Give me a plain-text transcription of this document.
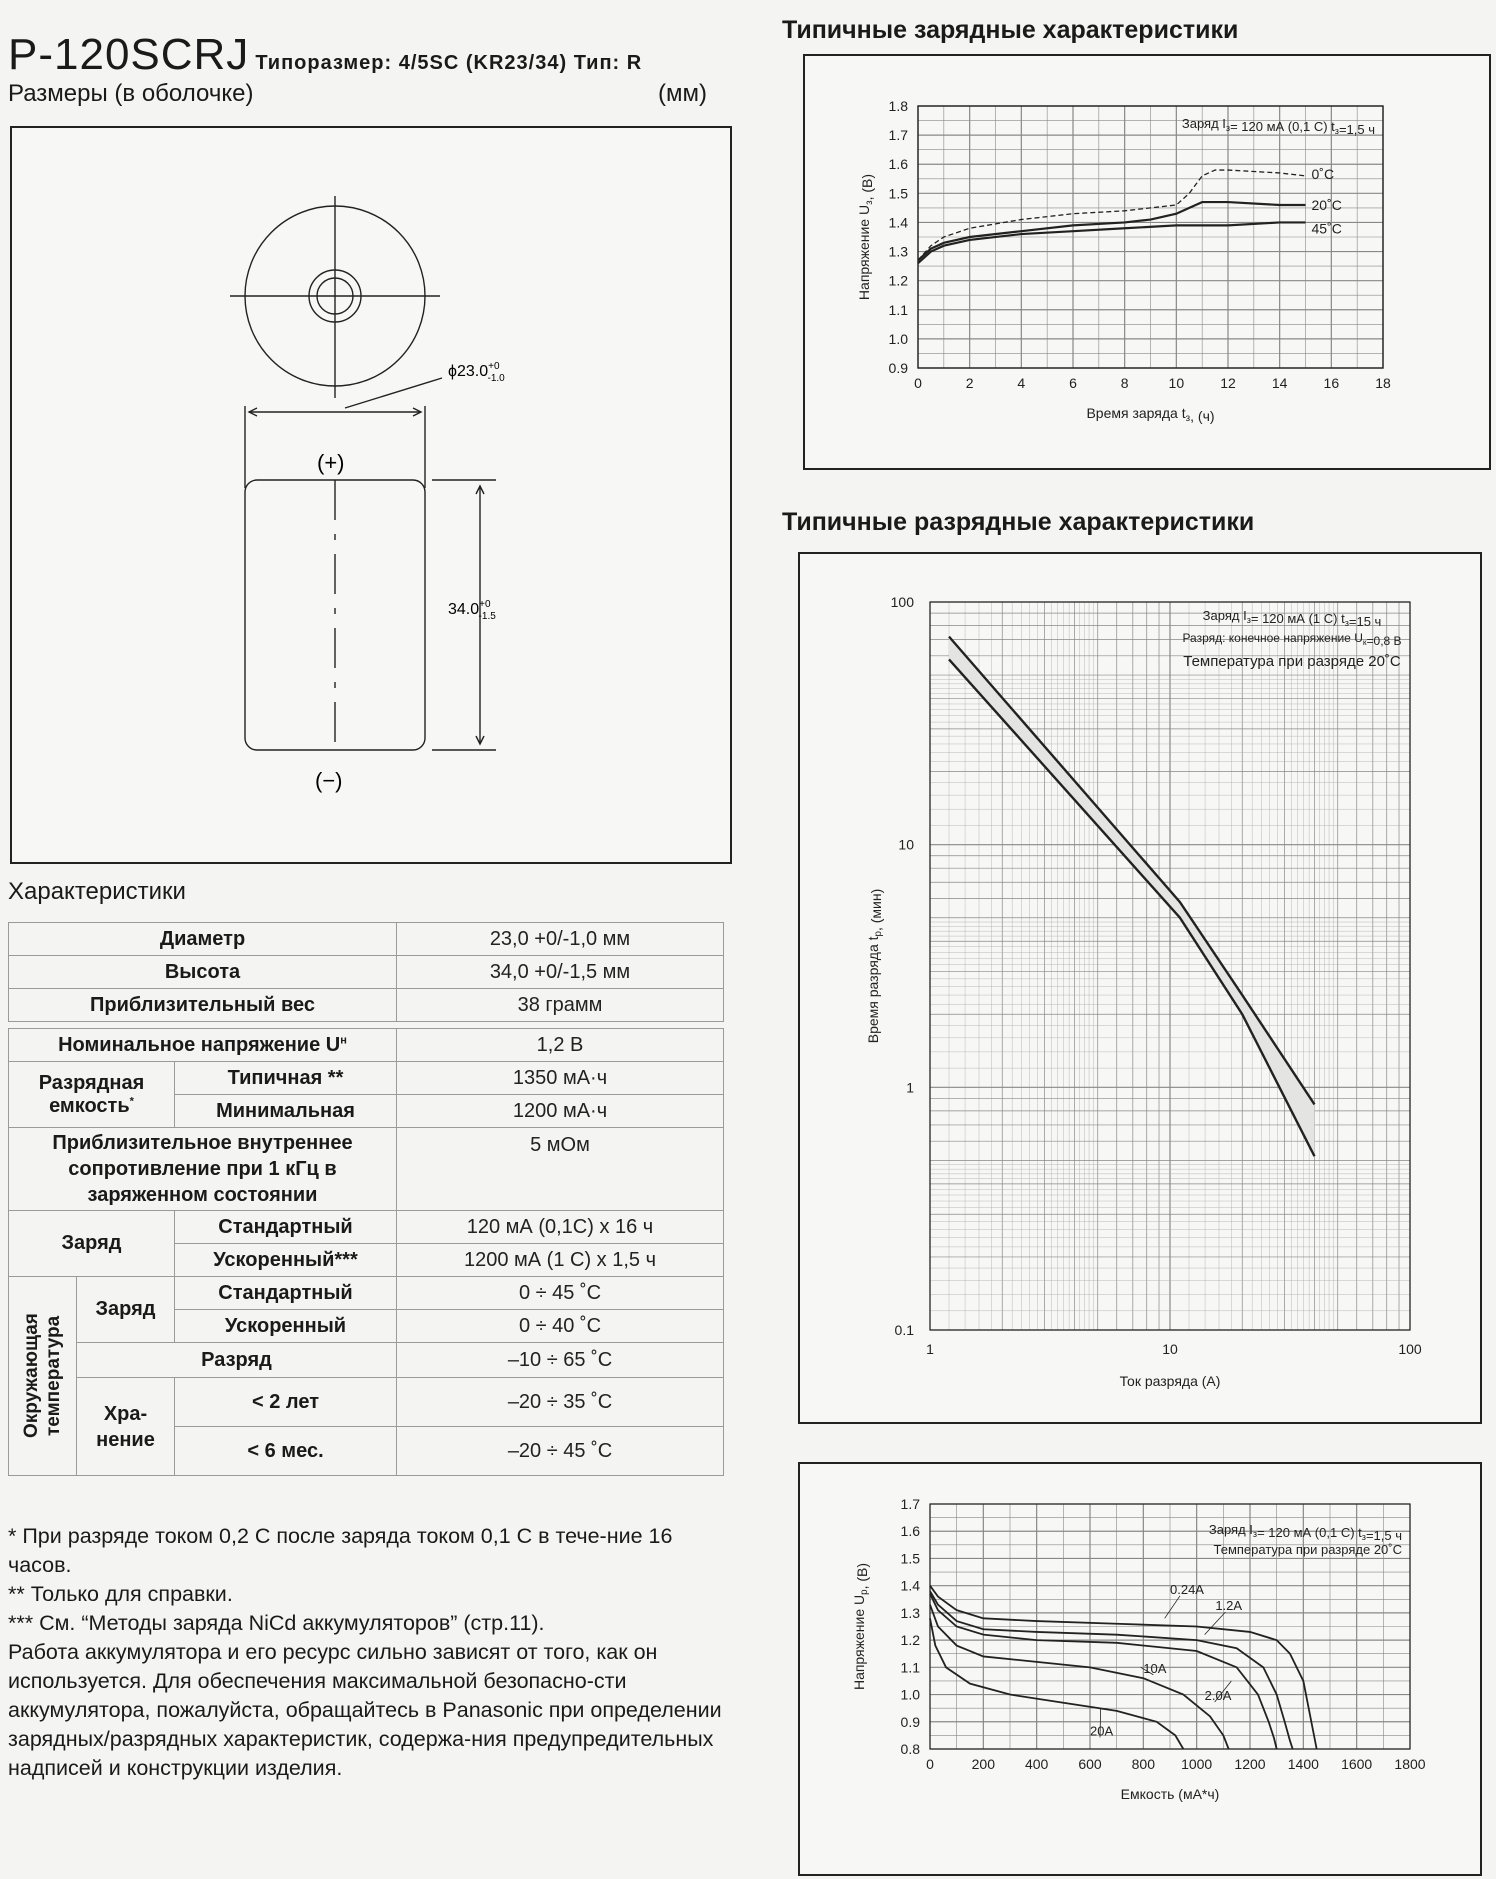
P-120SCRJ Типоразмер: 4/5SC (KR23/34) Тип: R
Размеры (в оболочке)	(мм)
$\phi 23.0^{+0}$ -1.0
$34.0^{+0}$ -1.5
(+)
(−)
Характеристики
Диаметр			23,0 +0/-1,0 мм
Высота			34,0 +0/-1,5 мм
Приблизительный вес			38 грамм

Номинальное напряжение $U^н$			1,2 В
Разрядная емкость*		Типичная **	1350 мА·ч
		Минимальная	1200 мА·ч
Приблизительное внутреннее сопротивление при 1 кГц в заряженном состоянии			5 мОм
Заряд		Стандартный	120 мА (0,1С) х 16 ч
		Ускоренный***	1200 мА (1 С) х 1,5 ч

Окружающая температура	Заряд	Стандартный	0 ÷ 45 ˚С
		Ускоренный	0 ÷ 40 ˚С
	Разряд		–10 ÷ 65 ˚С
	Хра-нение	< 2 лет	–20 ÷ 35 ˚С
		< 6 мес.	–20 ÷ 45 ˚С

* При разряде током 0,2 С после заряда током 0,1 С в тече-ние 16 часов.

** Только для справки.

*** См. “Методы заряда NiCd аккумуляторов” (стр.11).

Работа аккумулятора и его ресурс сильно зависят от того, как он используется. Для обеспечения максимальной безопасно-сти аккумулятора, пожалуйста, обращайтесь в Panasonic при определении зарядных/разрядных характеристик, содержа-ния предупредительных надписей и конструкции изделия.

Типичные зарядные характеристики
Типичные разрядные характеристики
0	2	4	6	8	10	12	14	16	18
0.9
1.0
1.1
1.2
1.3
1.4
1.5
1.6
1.7
1.8
Время заряда $t_з$, (ч)
Напряжение $U_з$, (В)
Заряд $I_з= 120$ мА (0,1 С) $t_з=1,5$ ч
0˚C
20˚C
45˚C
1	10	100
0.1
1
10
100
Ток разряда (А)
Время разряда $t_р$, (мин)
Заряд $I_з= 120$ мА (1 С) $t_з=15$ ч
Разряд: конечное напряжение $U_к=0,8$ В
Температура при разряде 20˚С
0	200 400 600 800 1000 1200 1400 1600 1800
0.8
0.9
1.0
1.1
1.2
1.3
1.4
1.5
1.6
1.7
Емкость (мА*ч)
Напряжение $U_р$, (В)
Заряд $I_з= 120$ мА (0,1 С) $t_з=1,5$ ч
Температура при разряде 20˚С
0.24A
1.2A
10A
2.0A
20A
